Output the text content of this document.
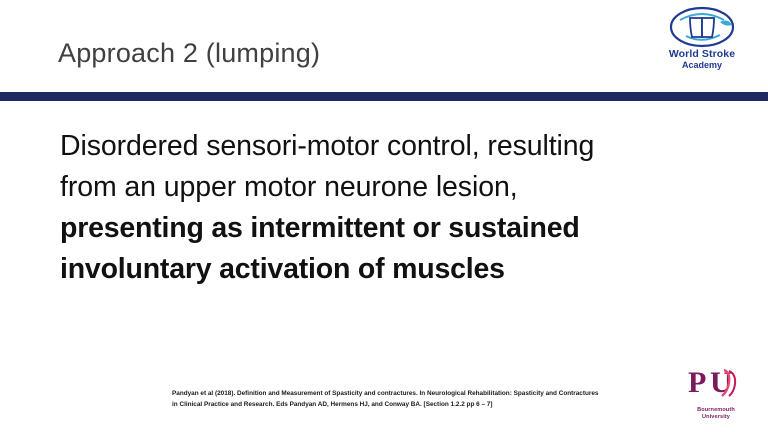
Approach 2 (lumping)	World Stroke
Academy
Disordered sensori-motor control, resulting
from an upper motor neurone lesion,
presenting as intermittent or sustained
involuntary activation of muscles
Pandyan et al (2018). Definition and Measurement of Spasticity and contractures. In Neurological Rehabilitation: Spasticity and Contractures in Clinical Practice and Research. Eds Pandyan AD, Hermens HJ, and Conway BA. [Section 1.2.2 pp 6 – 7]
P U
Bournemouth
University
